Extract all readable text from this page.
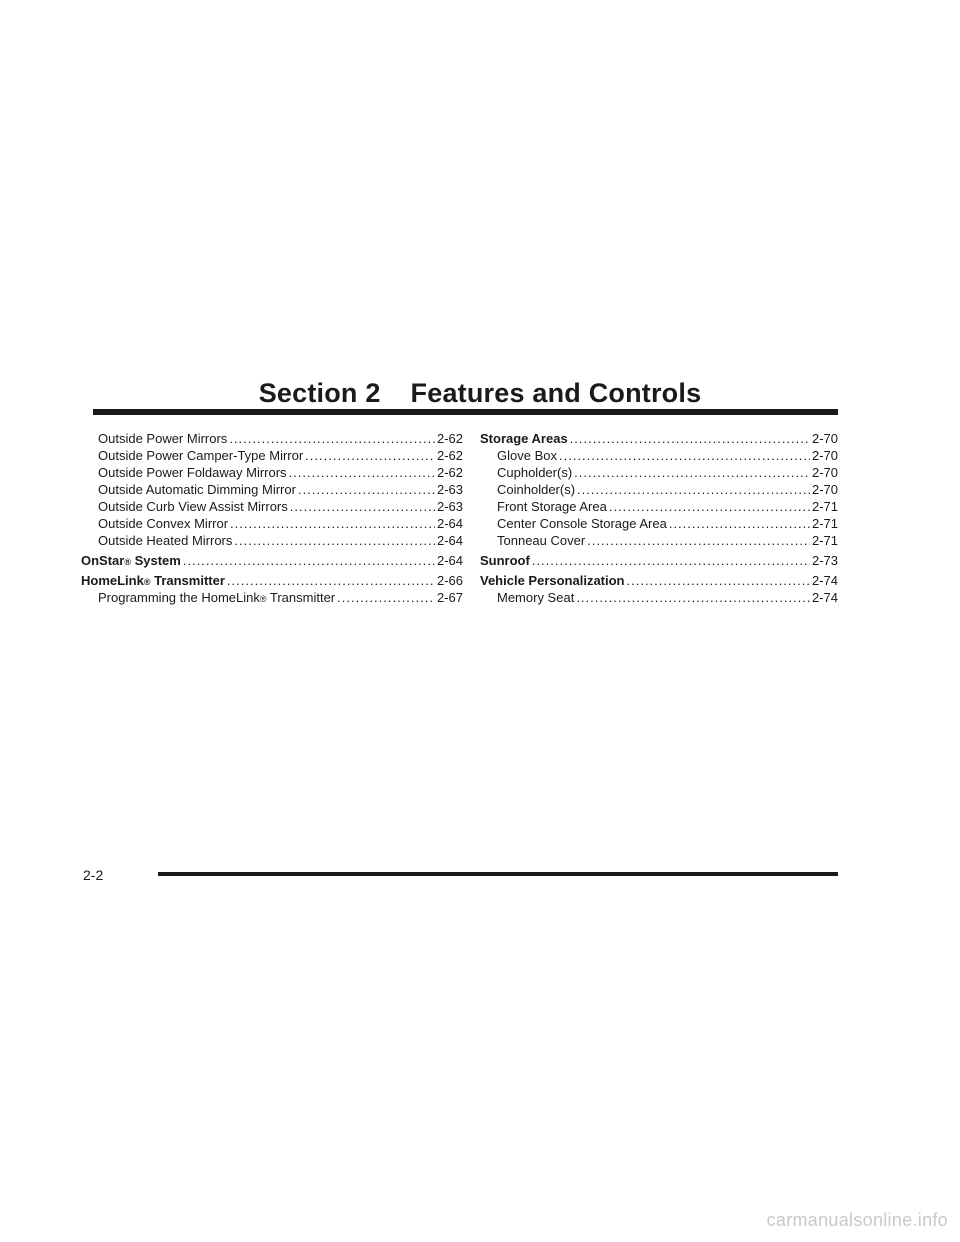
Section 2 Features and Controls
Outside Power Mirrors .....	2-62
Outside Power Camper-Type Mirror .....	2-62
Outside Power Foldaway Mirrors .....	2-62
Outside Automatic Dimming Mirror .....	2-63
Outside Curb View Assist Mirrors .....	2-63
Outside Convex Mirror .....	2-64
Outside Heated Mirrors .....	2-64
OnStar ® System .....	2-64
HomeLink ® Transmitter .....	2-66
Programming the HomeLink ® Transmitter .....	2-67
Storage Areas .....	2-70
Glove Box .....	2-70
Cupholder(s) .....	2-70
Coinholder(s) .....	2-70
Front Storage Area .....	2-71
Center Console Storage Area .....	2-71
Tonneau Cover .....	2-71
Sunroof .....	2-73
Vehicle Personalization .....	2-74
Memory Seat .....	2-74
2-2
carmanualsonline.info
